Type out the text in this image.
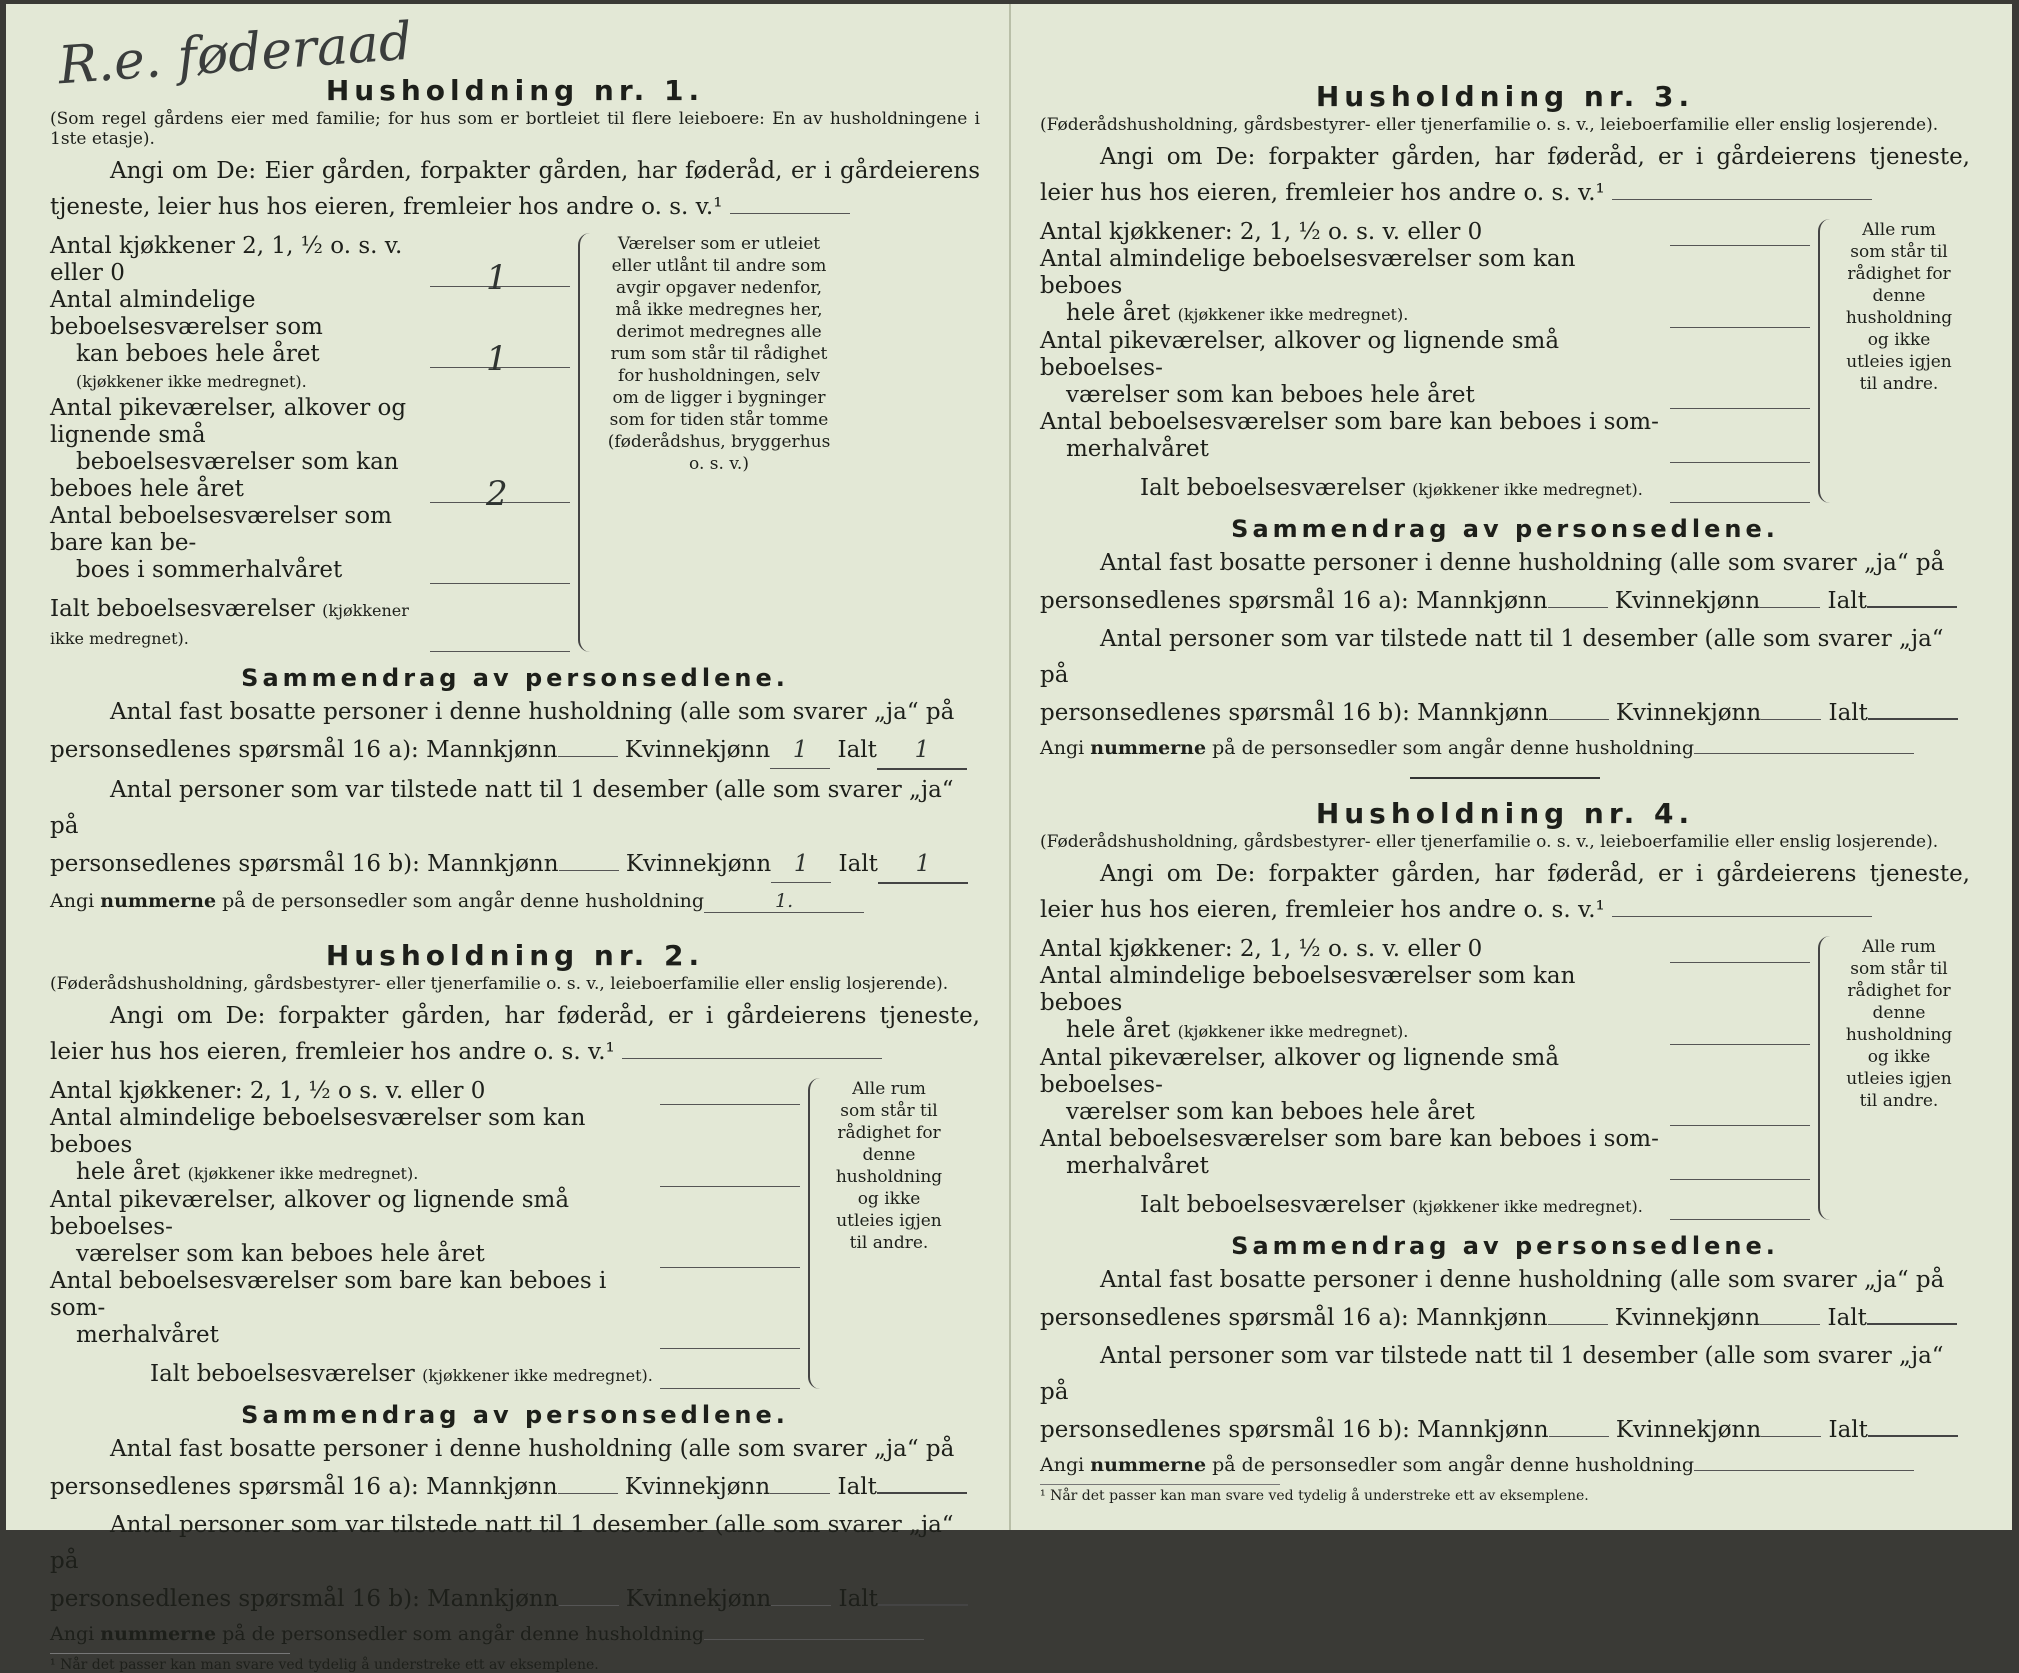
R.e. føderaad
Husholdning nr. 1.

(Som regel gårdens eier med familie; for hus som er bortleiet til flere leieboere: En av husholdningene i 1ste etasje).

Angi om De: Eier gården, forpakter gården, har føderåd, er i gårdeierens tjeneste, leier hus hos eieren, fremleier hos andre o. s. v.¹

Antal kjøkkener 2, 1, ½ o. s. v. eller 0	1
Antal almindelige beboelsesværelser som
kan beboes hele året	1
(kjøkkener ikke medregnet).
Antal pikeværelser, alkover og lignende små
beboelsesværelser som kan beboes hele året	2
Antal beboelsesværelser som bare kan be-
boes i sommerhalvåret
Ialt beboelsesværelser (kjøkkener ikke medregnet).
Værelser som er utleiet eller utlånt til andre som avgir opgaver nedenfor, må ikke medregnes her, derimot medregnes alle rum som står til rådighet for husholdningen, selv om de ligger i bygninger som for tiden står tomme (føderådshus, bryggerhus o. s. v.)
Sammendrag av personsedlene.

Antal fast bosatte personer i denne husholdning (alle som svarer „ja“ på

personsedlenes spørsmål 16 a): Mannkjønn	Kvinnekjønn 1 Ialt 1

Antal personer som var tilstede natt til 1 desember (alle som svarer „ja“ på

personsedlenes spørsmål 16 b): Mannkjønn	Kvinnekjønn 1 Ialt 1

Angi nummerne på de personsedler som angår denne husholdning	1.
Husholdning nr. 2.

(Føderådshusholdning, gårdsbestyrer- eller tjenerfamilie o. s. v., leieboerfamilie eller enslig losjerende).

Angi om De: forpakter gården, har føderåd, er i gårdeierens tjeneste, leier hus hos eieren, fremleier hos andre o. s. v.¹

Antal kjøkkener: 2, 1, ½ o s. v. eller 0
Antal almindelige beboelsesværelser som kan beboes
hele året (kjøkkener ikke medregnet).
Antal pikeværelser, alkover og lignende små beboelses-
værelser som kan beboes hele året
Antal beboelsesværelser som bare kan beboes i som-
merhalvåret
Ialt beboelsesværelser (kjøkkener ikke medregnet).
Alle rum som står til rådighet for denne husholdning og ikke utleies igjen til andre.
Sammendrag av personsedlene.

Antal fast bosatte personer i denne husholdning (alle som svarer „ja“ på

personsedlenes spørsmål 16 a): Mannkjønn	Kvinnekjønn	Ialt

Antal personer som var tilstede natt til 1 desember (alle som svarer „ja“ på

personsedlenes spørsmål 16 b): Mannkjønn	Kvinnekjønn	Ialt

Angi nummerne på de personsedler som angår denne husholdning
¹ Når det passer kan man svare ved tydelig å understreke ett av eksemplene.
Husholdning nr. 3.

(Føderådshusholdning, gårdsbestyrer- eller tjenerfamilie o. s. v., leieboerfamilie eller enslig losjerende).

Angi om De: forpakter gården, har føderåd, er i gårdeierens tjeneste, leier hus hos eieren, fremleier hos andre o. s. v.¹

Antal kjøkkener: 2, 1, ½ o. s. v. eller 0
Antal almindelige beboelsesværelser som kan beboes
hele året (kjøkkener ikke medregnet).
Antal pikeværelser, alkover og lignende små beboelses-
værelser som kan beboes hele året
Antal beboelsesværelser som bare kan beboes i som-
merhalvåret
Ialt beboelsesværelser (kjøkkener ikke medregnet).
Alle rum som står til rådighet for denne husholdning og ikke utleies igjen til andre.
Sammendrag av personsedlene.

Antal fast bosatte personer i denne husholdning (alle som svarer „ja“ på

personsedlenes spørsmål 16 a): Mannkjønn	Kvinnekjønn	Ialt

Antal personer som var tilstede natt til 1 desember (alle som svarer „ja“ på

personsedlenes spørsmål 16 b): Mannkjønn	Kvinnekjønn	Ialt

Angi nummerne på de personsedler som angår denne husholdning
Husholdning nr. 4.

(Føderådshusholdning, gårdsbestyrer- eller tjenerfamilie o. s. v., leieboerfamilie eller enslig losjerende).

Angi om De: forpakter gården, har føderåd, er i gårdeierens tjeneste, leier hus hos eieren, fremleier hos andre o. s. v.¹

Antal kjøkkener: 2, 1, ½ o. s. v. eller 0
Antal almindelige beboelsesværelser som kan beboes
hele året (kjøkkener ikke medregnet).
Antal pikeværelser, alkover og lignende små beboelses-
værelser som kan beboes hele året
Antal beboelsesværelser som bare kan beboes i som-
merhalvåret
Ialt beboelsesværelser (kjøkkener ikke medregnet).
Alle rum som står til rådighet for denne husholdning og ikke utleies igjen til andre.
Sammendrag av personsedlene.

Antal fast bosatte personer i denne husholdning (alle som svarer „ja“ på

personsedlenes spørsmål 16 a): Mannkjønn	Kvinnekjønn	Ialt

Antal personer som var tilstede natt til 1 desember (alle som svarer „ja“ på

personsedlenes spørsmål 16 b): Mannkjønn	Kvinnekjønn	Ialt

Angi nummerne på de personsedler som angår denne husholdning
¹ Når det passer kan man svare ved tydelig å understreke ett av eksemplene.
